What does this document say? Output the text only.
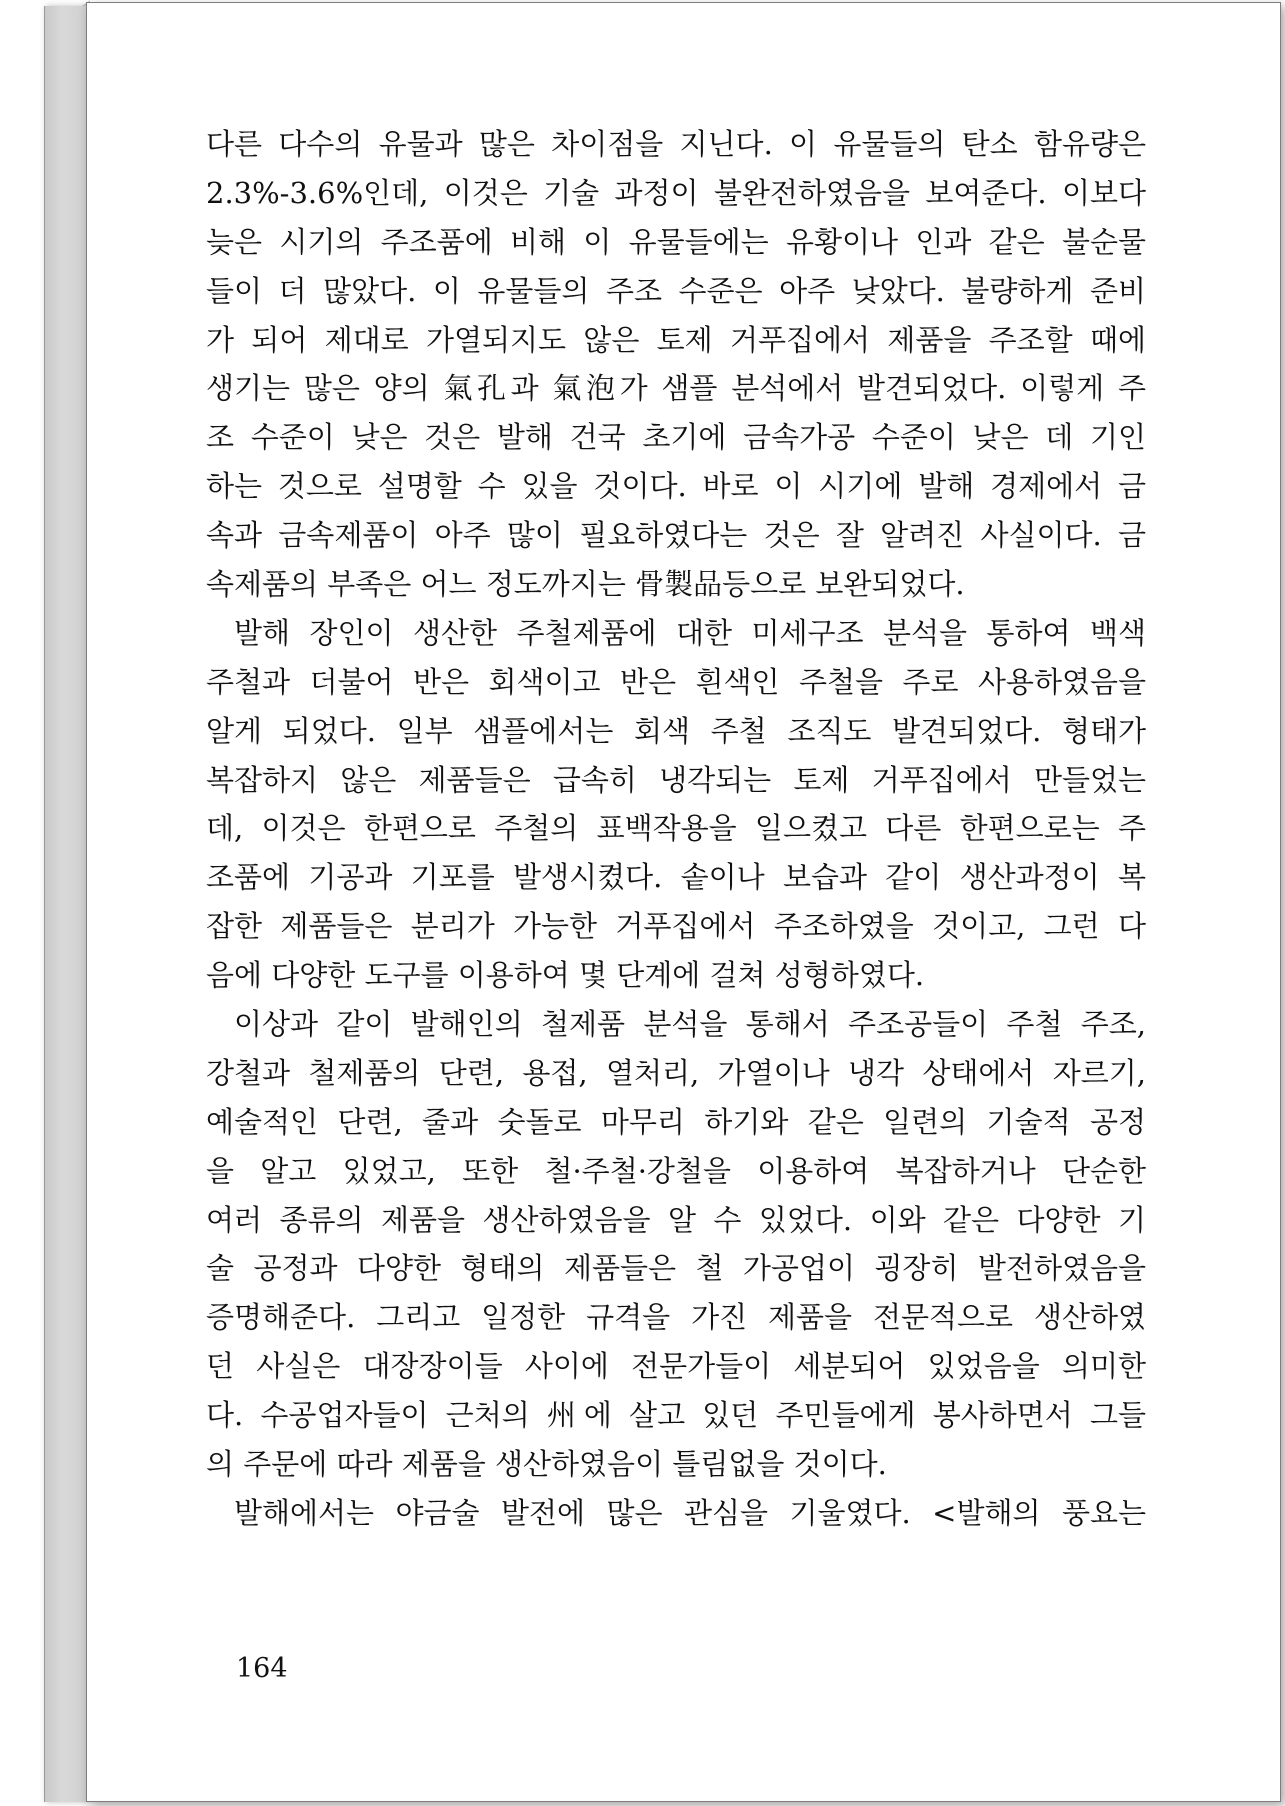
다른 다수의 유물과 많은 차이점을 지닌다. 이 유물들의 탄소 함유량은
2.3%-3.6%인데, 이것은 기술 과정이 불완전하였음을 보여준다. 이보다
늦은 시기의 주조품에 비해 이 유물들에는 유황이나 인과 같은 불순물
들이 더 많았다. 이 유물들의 주조 수준은 아주 낮았다. 불량하게 준비
가 되어 제대로 가열되지도 않은 토제 거푸집에서 제품을 주조할 때에
생기는 많은 양의 氣孔과 氣泡가 샘플 분석에서 발견되었다. 이렇게 주
조 수준이 낮은 것은 발해 건국 초기에 금속가공 수준이 낮은 데 기인
하는 것으로 설명할 수 있을 것이다. 바로 이 시기에 발해 경제에서 금
속과 금속제품이 아주 많이 필요하였다는 것은 잘 알려진 사실이다. 금
속제품의 부족은 어느 정도까지는 骨製品등으로 보완되었다.
발해 장인이 생산한 주철제품에 대한 미세구조 분석을 통하여 백색
주철과 더불어 반은 회색이고 반은 흰색인 주철을 주로 사용하였음을
알게 되었다. 일부 샘플에서는 회색 주철 조직도 발견되었다. 형태가
복잡하지 않은 제품들은 급속히 냉각되는 토제 거푸집에서 만들었는
데, 이것은 한편으로 주철의 표백작용을 일으켰고 다른 한편으로는 주
조품에 기공과 기포를 발생시켰다. 솥이나 보습과 같이 생산과정이 복
잡한 제품들은 분리가 가능한 거푸집에서 주조하였을 것이고, 그런 다
음에 다양한 도구를 이용하여 몇 단계에 걸쳐 성형하였다.
이상과 같이 발해인의 철제품 분석을 통해서 주조공들이 주철 주조,
강철과 철제품의 단련, 용접, 열처리, 가열이나 냉각 상태에서 자르기,
예술적인 단련, 줄과 숫돌로 마무리 하기와 같은 일련의 기술적 공정
을 알고 있었고, 또한 철·주철·강철을 이용하여 복잡하거나 단순한
여러 종류의 제품을 생산하였음을 알 수 있었다. 이와 같은 다양한 기
술 공정과 다양한 형태의 제품들은 철 가공업이 굉장히 발전하였음을
증명해준다. 그리고 일정한 규격을 가진 제품을 전문적으로 생산하였
던 사실은 대장장이들 사이에 전문가들이 세분되어 있었음을 의미한
다. 수공업자들이 근처의 州에 살고 있던 주민들에게 봉사하면서 그들
의 주문에 따라 제품을 생산하였음이 틀림없을 것이다.
발해에서는 야금술 발전에 많은 관심을 기울였다. <발해의 풍요는
164
